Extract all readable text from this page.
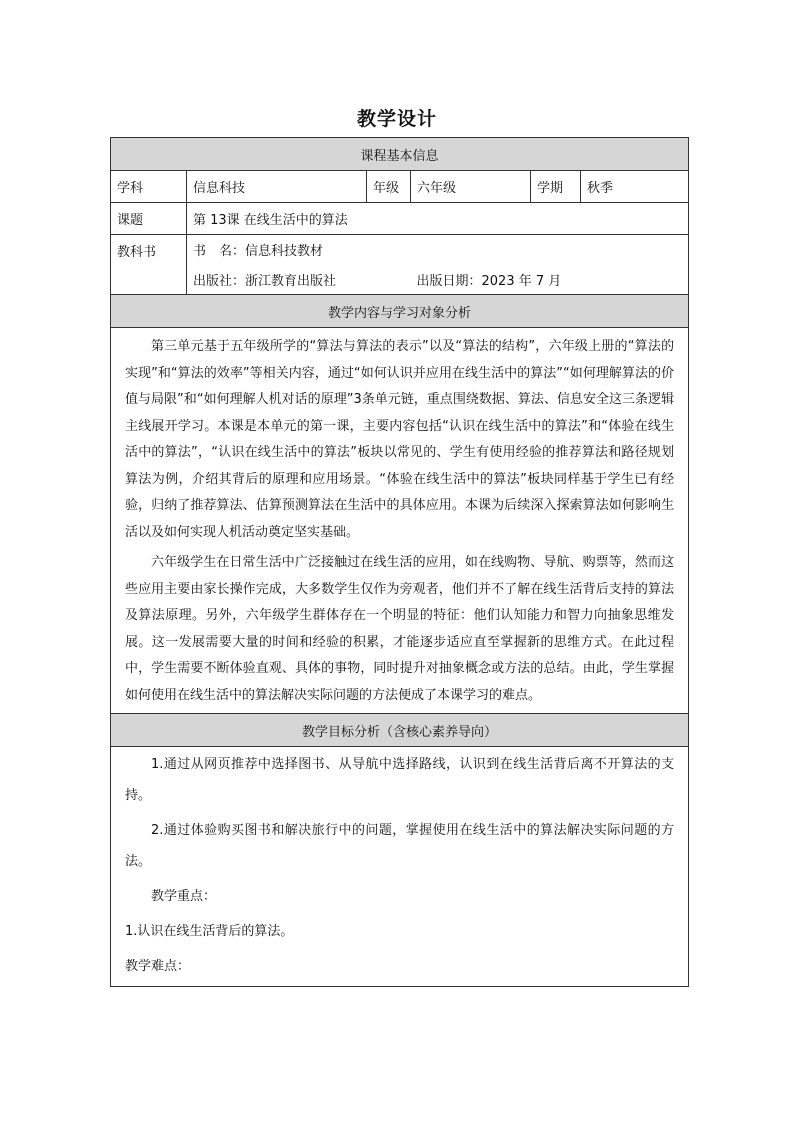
教学设计
课程基本信息					
学科	信息科技	年级	六年级	学期	秋季
课题	第 13课 在线生活中的算法				
教科书	书　名：信息科技教材				
	出版社：浙江教育出版社		出版日期：2023 年 7 月		
教学内容与学习对象分析					

第三单元基于五年级所学的“算法与算法的表示”以及“算法的结构”，六年级上册的“算法的实现”和“算法的效率”等相关内容，通过“如何认识并应用在线生活中的算法”“如何理解算法的价值与局限”和“如何理解人机对话的原理”3条单元链，重点围绕数据、算法、信息安全这三条逻辑主线展开学习。本课是本单元的第一课，主要内容包括“认识在线生活中的算法”和“体验在线生活中的算法”，“认识在线生活中的算法”板块以常见的、学生有使用经验的推荐算法和路径规划算法为例，介绍其背后的原理和应用场景。“体验在线生活中的算法”板块同样基于学生已有经验，归纳了推荐算法、估算预测算法在生活中的具体应用。本课为后续深入探索算法如何影响生活以及如何实现人机活动奠定坚实基础。

六年级学生在日常生活中广泛接触过在线生活的应用，如在线购物、导航、购票等，然而这些应用主要由家长操作完成，大多数学生仅作为旁观者，他们并不了解在线生活背后支持的算法及算法原理。另外，六年级学生群体存在一个明显的特征：他们认知能力和智力向抽象思维发展。这一发展需要大量的时间和经验的积累，才能逐步适应直至掌握新的思维方式。在此过程中，学生需要不断体验直观、具体的事物，同时提升对抽象概念或方法的总结。由此，学生掌握如何使用在线生活中的算法解决实际问题的方法便成了本课学习的难点。					

教学目标分析（含核心素养导向）					

1.通过从网页推荐中选择图书、从导航中选择路线，认识到在线生活背后离不开算法的支持。

2.通过体验购买图书和解决旅行中的问题，掌握使用在线生活中的算法解决实际问题的方法。

教学重点：

1.认识在线生活背后的算法。

教学难点：					
